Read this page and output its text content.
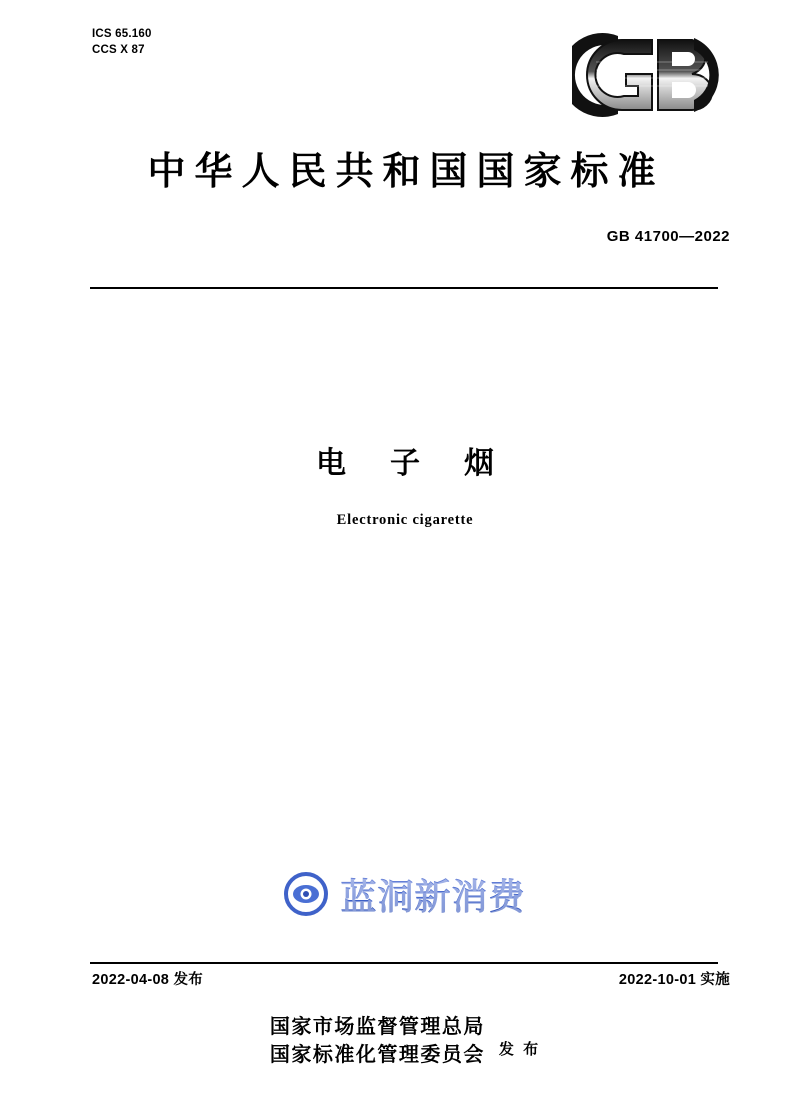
ICS 65.160
CCS X 87
中华人民共和国国家标准
GB 41700—2022
电子烟
Electronic cigarette
蓝洞新消费
2022-04-08 发布	2022-10-01 实施
国家市场监督管理总局
国家标准化管理委员会 发 布
